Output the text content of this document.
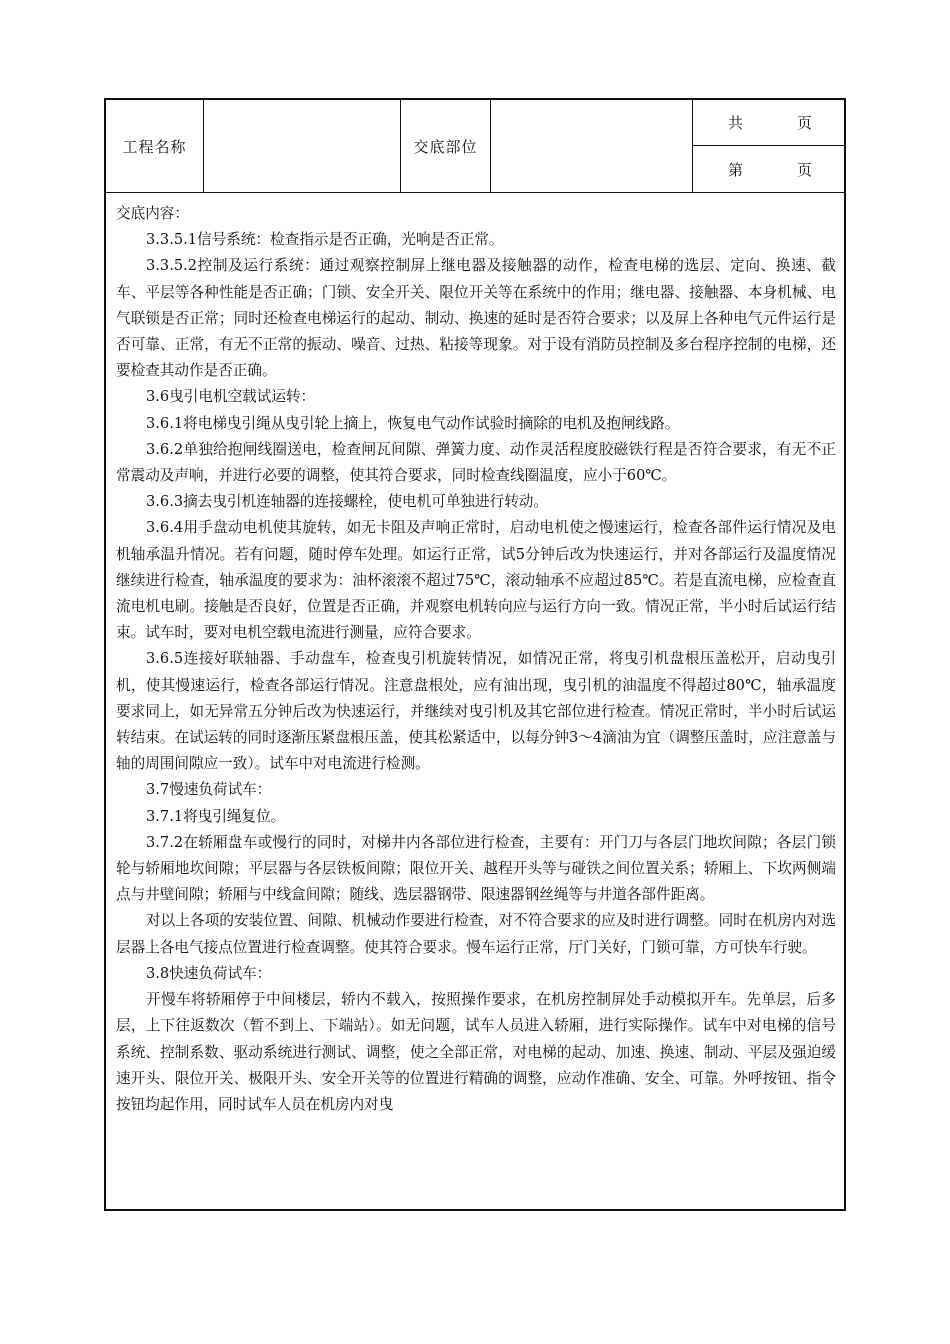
工程名称	交底部位
共	页
第	页

交底内容：

3.3.5.1信号系统：检查指示是否正确，光响是否正常。

3.3.5.2控制及运行系统：通过观察控制屏上继电器及接触器的动作，检查电梯的选层、定向、换速、截车、平层等各种性能是否正确；门锁、安全开关、限位开关等在系统中的作用；继电器、接触器、本身机械、电气联锁是否正常；同时还检查电梯运行的起动、制动、换速的延时是否符合要求；以及屏上各种电气元件运行是否可靠、正常，有无不正常的振动、噪音、过热、粘接等现象。对于设有消防员控制及多台程序控制的电梯，还要检查其动作是否正确。

3.6曳引电机空载试运转：

3.6.1将电梯曳引绳从曳引轮上摘上，恢复电气动作试验时摘除的电机及抱闸线路。

3.6.2单独给抱闸线圈送电，检查闸瓦间隙、弹簧力度、动作灵活程度胶磁铁行程是否符合要求，有无不正常震动及声响，并进行必要的调整，使其符合要求，同时检查线圈温度，应小于60℃。

3.6.3摘去曳引机连轴器的连接螺栓，使电机可单独进行转动。

3.6.4用手盘动电机使其旋转，如无卡阻及声响正常时，启动电机使之慢速运行，检查各部件运行情况及电机轴承温升情况。若有问题，随时停车处理。如运行正常，试5分钟后改为快速运行，并对各部运行及温度情况继续进行检查，轴承温度的要求为：油杯滚滚不超过75℃，滚动轴承不应超过85℃。若是直流电梯，应检查直流电机电刷。接触是否良好，位置是否正确，并观察电机转向应与运行方向一致。情况正常，半小时后试运行结束。试车时，要对电机空载电流进行测量，应符合要求。

3.6.5连接好联轴器、手动盘车，检查曳引机旋转情况，如情况正常，将曳引机盘根压盖松开，启动曳引机，使其慢速运行，检查各部运行情况。注意盘根处，应有油出现，曳引机的油温度不得超过80℃，轴承温度要求同上，如无异常五分钟后改为快速运行，并继续对曳引机及其它部位进行检查。情况正常时，半小时后试运转结束。在试运转的同时逐渐压紧盘根压盖，使其松紧适中，以每分钟3～4滴油为宜（调整压盖时，应注意盖与轴的周围间隙应一致）。试车中对电流进行检测。

3.7慢速负荷试车：

3.7.1将曳引绳复位。

3.7.2在轿厢盘车或慢行的同时，对梯井内各部位进行检查，主要有：开门刀与各层门地坎间隙；各层门锁轮与轿厢地坎间隙；平层器与各层铁板间隙；限位开关、越程开头等与碰铁之间位置关系；轿厢上、下坎两侧端点与井壁间隙；轿厢与中线盒间隙；随线、选层器钢带、限速器钢丝绳等与井道各部件距离。

对以上各项的安装位置、间隙、机械动作要进行检查，对不符合要求的应及时进行调整。同时在机房内对选层器上各电气接点位置进行检查调整。使其符合要求。慢车运行正常，厅门关好，门锁可靠，方可快车行驶。

3.8快速负荷试车：

开慢车将轿厢停于中间楼层，轿内不载入，按照操作要求，在机房控制屏处手动模拟开车。先单层，后多层，上下往返数次（暂不到上、下端站）。如无问题，试车人员进入轿厢，进行实际操作。试车中对电梯的信号系统、控制系数、驱动系统进行测试、调整，使之全部正常，对电梯的起动、加速、换速、制动、平层及强迫缓速开头、限位开关、极限开头、安全开关等的位置进行精确的调整，应动作准确、安全、可靠。外呼按钮、指令按钮均起作用，同时试车人员在机房内对曳
